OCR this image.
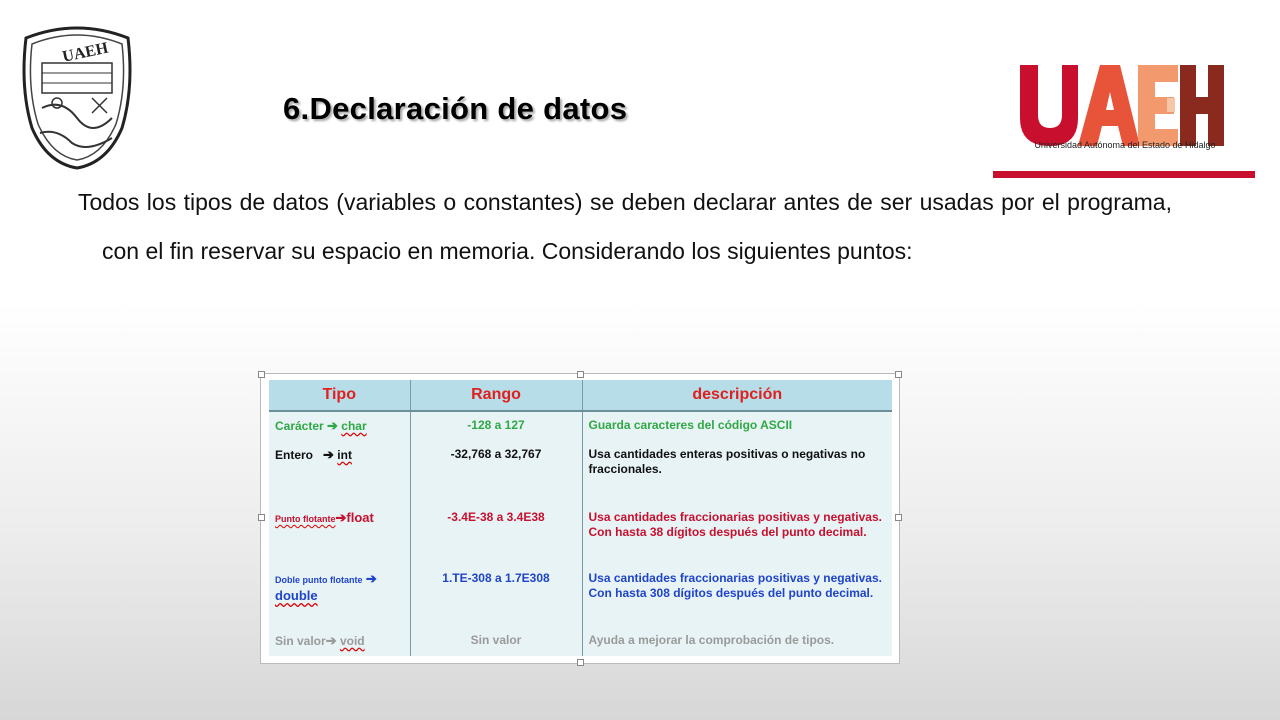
UAEH
Universidad Autónoma del Estado de Hidalgo
6.Declaración de datos
Todos los tipos de datos (variables o constantes) se deben declarar antes de ser usadas por el programa, con el fin reservar su espacio en memoria. Considerando los siguientes puntos:
Tipo	Rango	descripción
Carácter ➔ char	-128 a 127	Guarda caracteres del código ASCII
Entero ➔ int	-32,768 a 32,767	Usa cantidades enteras positivas o negativas no fraccionales.
Punto flotante➔float	-3.4E-38 a 3.4E38	Usa cantidades fraccionarias positivas y negativas. Con hasta 38 dígitos después del punto decimal.
Doble punto flotante ➔
double	1.TE-308 a 1.7E308	Usa cantidades fraccionarias positivas y negativas. Con hasta 308 dígitos después del punto decimal.
Sin valor➔ void	Sin valor	Ayuda a mejorar la comprobación de tipos.
